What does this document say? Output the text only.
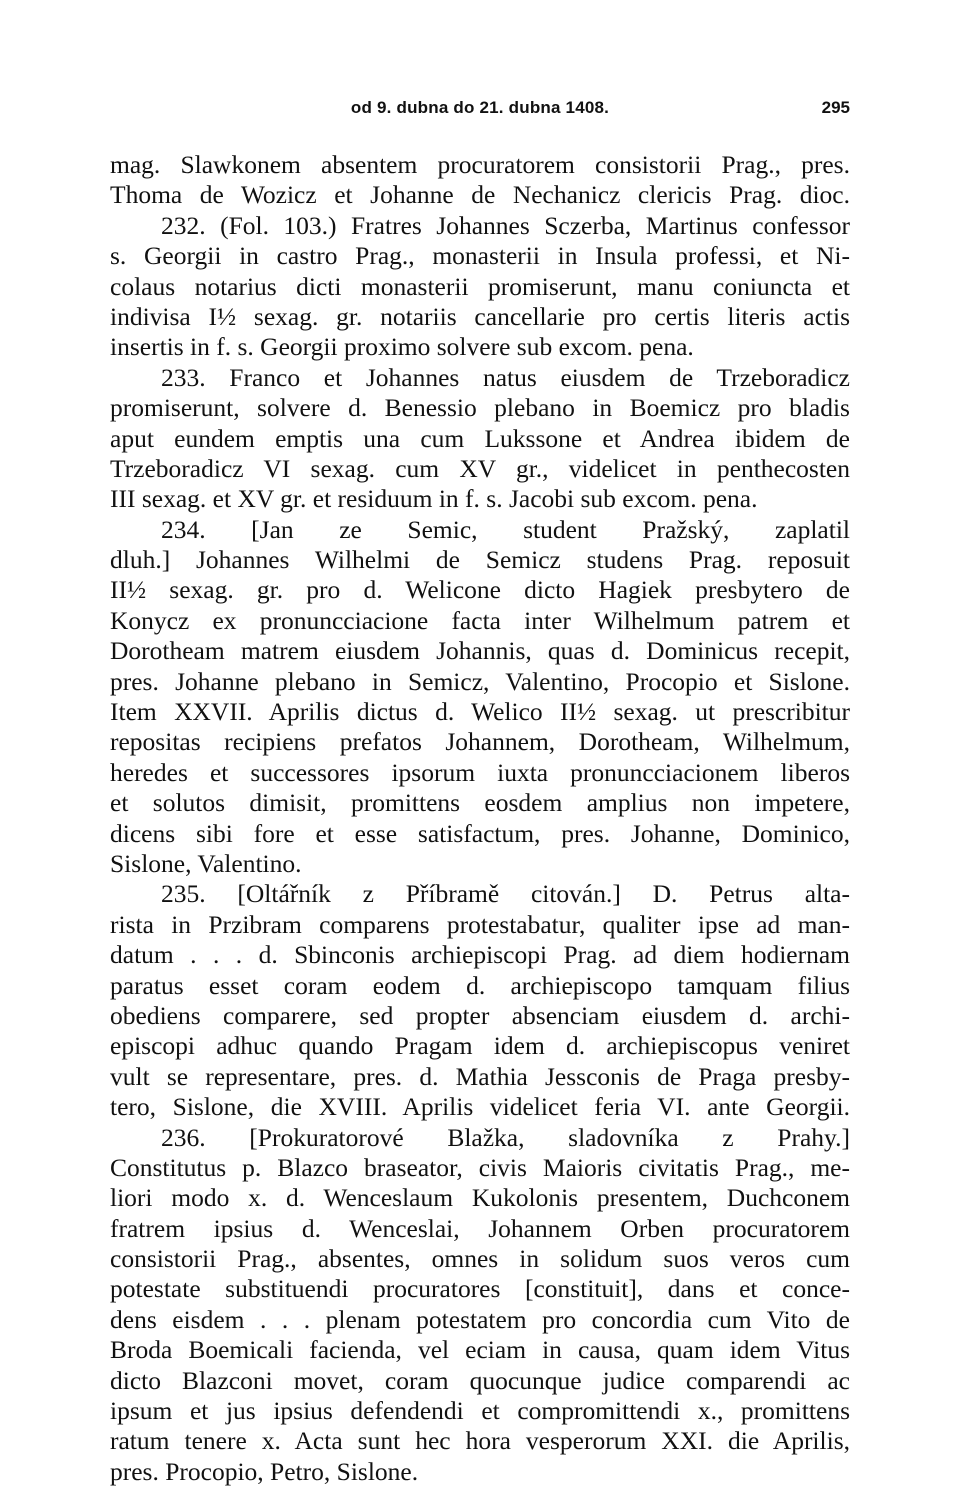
od 9. dubna do 21. dubna 1408.	295
mag. Slawkonem absentem procuratorem consistorii Prag., pres.
Thoma de Wozicz et Johanne de Nechanicz clericis Prag. dioc.
232. (Fol. 103.) Fratres Johannes Sczerba, Martinus confessor
s. Georgii in castro Prag., monasterii in Insula professi, et Ni-
colaus notarius dicti monasterii promiserunt, manu coniuncta et
indivisa I½ sexag. gr. notariis cancellarie pro certis literis actis
insertis in f. s. Georgii proximo solvere sub excom. pena.
233. Franco et Johannes natus eiusdem de Trzeboradicz
promiserunt, solvere d. Benessio plebano in Boemicz pro bladis
aput eundem emptis una cum Lukssone et Andrea ibidem de
Trzeboradicz VI sexag. cum XV gr., videlicet in penthecosten
III sexag. et XV gr. et residuum in f. s. Jacobi sub excom. pena.
234. [Jan ze Semic, student Pražský, zaplatil
dluh.] Johannes Wilhelmi de Semicz studens Prag. reposuit
II½ sexag. gr. pro d. Welicone dicto Hagiek presbytero de
Konycz ex pronuncciacione facta inter Wilhelmum patrem et
Dorotheam matrem eiusdem Johannis, quas d. Dominicus recepit,
pres. Johanne plebano in Semicz, Valentino, Procopio et Sislone.
Item XXVII. Aprilis dictus d. Welico II½ sexag. ut prescribitur
repositas recipiens prefatos Johannem, Dorotheam, Wilhelmum,
heredes et successores ipsorum iuxta pronuncciacionem liberos
et solutos dimisit, promittens eosdem amplius non impetere,
dicens sibi fore et esse satisfactum, pres. Johanne, Dominico,
Sislone, Valentino.
235. [Oltářník z Příbramě citován.] D. Petrus alta-
rista in Przibram comparens protestabatur, qualiter ipse ad man-
datum . . . d. Sbinconis archiepiscopi Prag. ad diem hodiernam
paratus esset coram eodem d. archiepiscopo tamquam filius
obediens comparere, sed propter absenciam eiusdem d. archi-
episcopi adhuc quando Pragam idem d. archiepiscopus veniret
vult se representare, pres. d. Mathia Jessconis de Praga presby-
tero, Sislone, die XVIII. Aprilis videlicet feria VI. ante Georgii.
236. [Prokuratorové Blažka, sladovníka z Prahy.]
Constitutus p. Blazco braseator, civis Maioris civitatis Prag., me-
liori modo x. d. Wenceslaum Kukolonis presentem, Duchconem
fratrem ipsius d. Wenceslai, Johannem Orben procuratorem
consistorii Prag., absentes, omnes in solidum suos veros cum
potestate substituendi procuratores [constituit], dans et conce-
dens eisdem . . . plenam potestatem pro concordia cum Vito de
Broda Boemicali facienda, vel eciam in causa, quam idem Vitus
dicto Blazconi movet, coram quocunque judice comparendi ac
ipsum et jus ipsius defendendi et compromittendi x., promittens
ratum tenere x. Acta sunt hec hora vesperorum XXI. die Aprilis,
pres. Procopio, Petro, Sislone.
